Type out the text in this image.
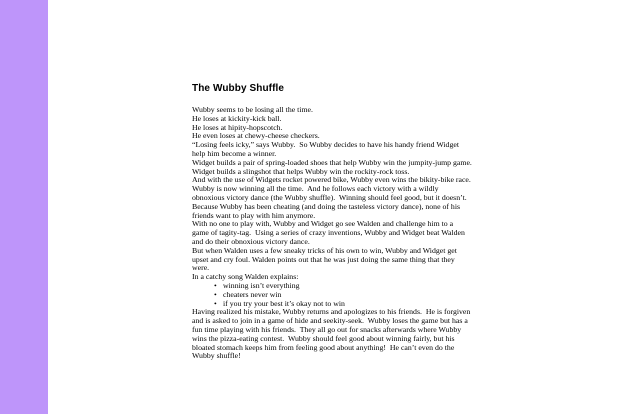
The Wubby Shuffle
Wubby seems to be losing all the time.
He loses at kickity-kick ball.
He loses at hipity-hopscotch.
He even loses at chewy-cheese checkers.
“Losing feels icky,” says Wubby.  So Wubby decides to have his handy friend Widget
help him become a winner.
Widget builds a pair of spring-loaded shoes that help Wubby win the jumpity-jump game.
Widget builds a slingshot that helps Wubby win the rockity-rock toss.
And with the use of Widgets rocket powered bike, Wubby even wins the bikity-bike race.
Wubby is now winning all the time.  And he follows each victory with a wildly
obnoxious victory dance (the Wubby shuffle).  Winning should feel good, but it doesn’t.
Because Wubby has been cheating (and doing the tasteless victory dance), none of his
friends want to play with him anymore.
With no one to play with, Wubby and Widget go see Walden and challenge him to a
game of tagity-tag.  Using a series of crazy inventions, Wubby and Widget beat Walden
and do their obnoxious victory dance.
But when Walden uses a few sneaky tricks of his own to win, Wubby and Widget get
upset and cry foul. Walden points out that he was just doing the same thing that they
were.
In a catchy song Walden explains:
• winning isn’t everything
• cheaters never win
• if you try your best it’s okay not to win
Having realized his mistake, Wubby returns and apologizes to his friends.  He is forgiven
and is asked to join in a game of hide and seekity-seek.  Wubby loses the game but has a
fun time playing with his friends.  They all go out for snacks afterwards where Wubby
wins the pizza-eating contest.  Wubby should feel good about winning fairly, but his
bloated stomach keeps him from feeling good about anything!  He can’t even do the
Wubby shuffle!
